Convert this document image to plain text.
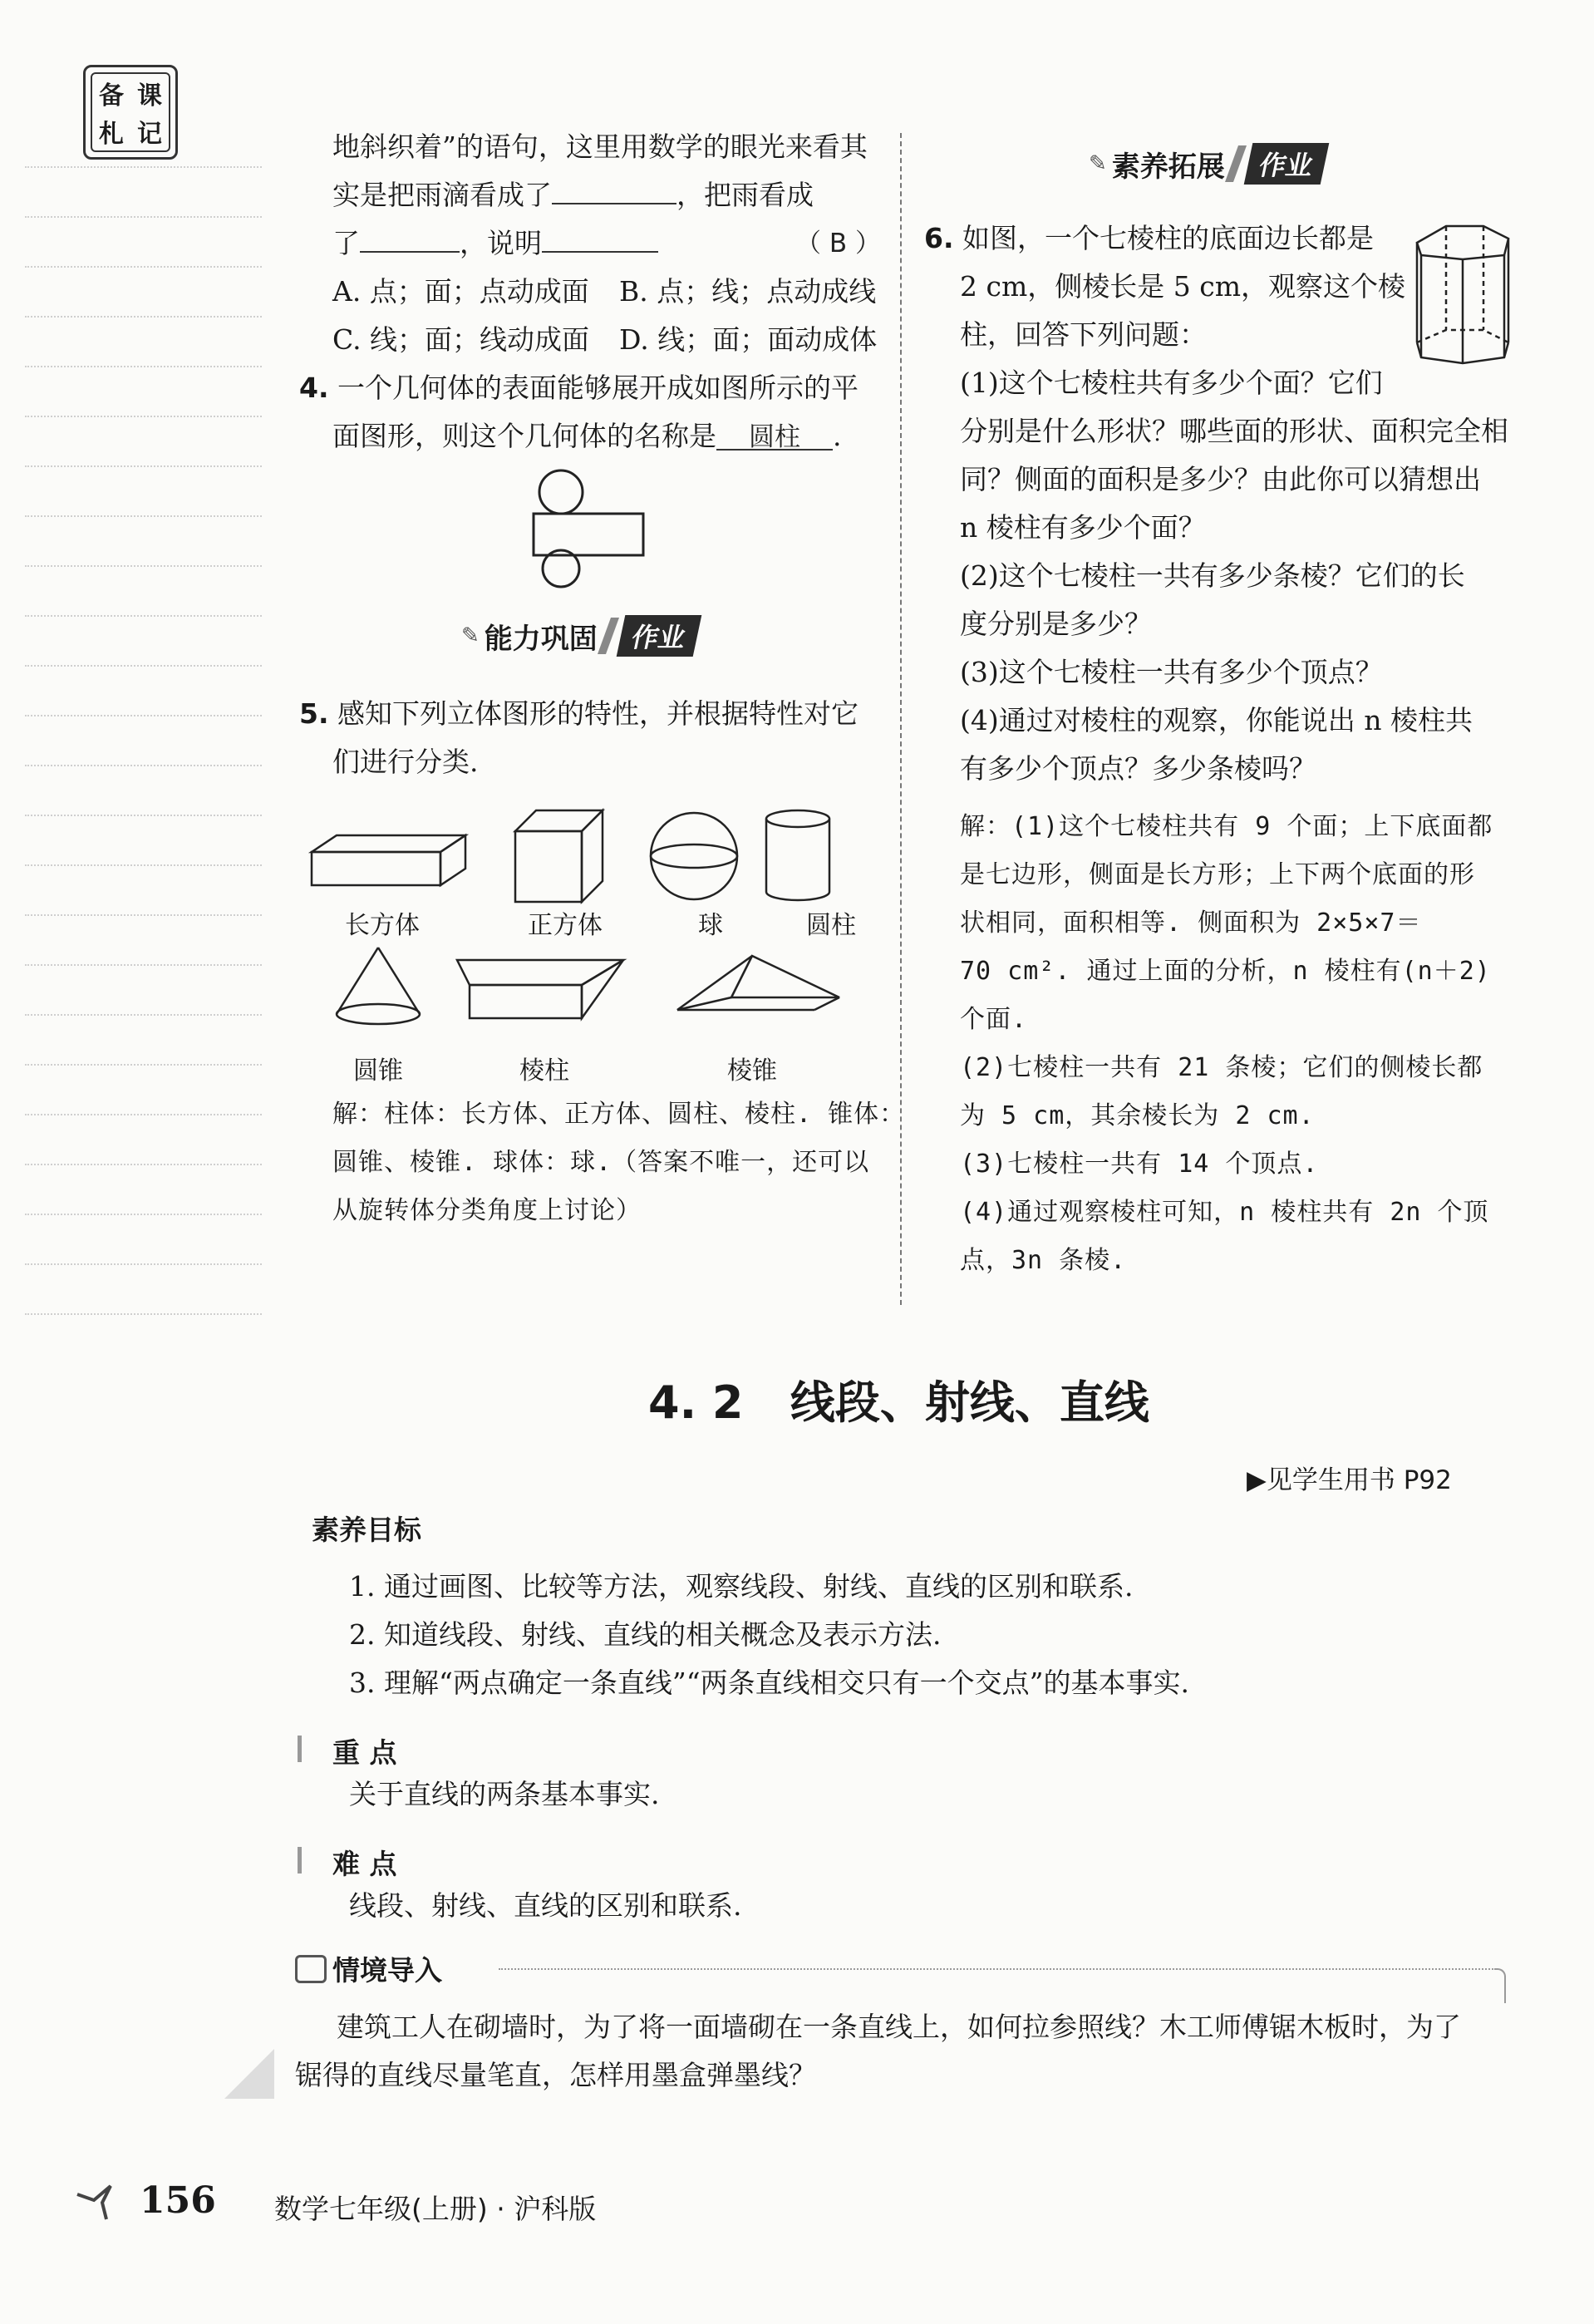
备 课
札 记	地斜织着”的语句，这里用数学的眼光来看其
实是把雨滴看成了	，把雨看成
了	，说明	（ B ）
A. 点；面；点动成面 B. 点；线；点动成线
C. 线；面；线动成面 D. 线；面；面动成体
4. 一个几何体的表面能够展开成如图所示的平
面图形，则这个几何体的名称是 圆柱 .
✎ 能力巩固	作业
5. 感知下列立体图形的特性，并根据特性对它
们进行分类.
长方体	正方体	球	圆柱
圆锥	棱柱	棱锥
解：柱体：长方体、正方体、圆柱、棱柱. 锥体：
圆锥、棱锥. 球体：球.（答案不唯一，还可以
从旋转体分类角度上讨论）
✎ 素养拓展	作业
6. 如图，一个七棱柱的底面边长都是
2 cm，侧棱长是 5 cm，观察这个棱
柱，回答下列问题：
(1)这个七棱柱共有多少个面？它们
分别是什么形状？哪些面的形状、面积完全相
同？侧面的面积是多少？由此你可以猜想出
n 棱柱有多少个面？
(2)这个七棱柱一共有多少条棱？它们的长
度分别是多少？
(3)这个七棱柱一共有多少个顶点？
(4)通过对棱柱的观察，你能说出 n 棱柱共
有多少个顶点？多少条棱吗？
解：(1)这个七棱柱共有 9 个面；上下底面都
是七边形，侧面是长方形；上下两个底面的形
状相同，面积相等. 侧面积为 2×5×7＝
70 cm². 通过上面的分析，n 棱柱有(n＋2)
个面.
(2)七棱柱一共有 21 条棱；它们的侧棱长都
为 5 cm，其余棱长为 2 cm.
(3)七棱柱一共有 14 个顶点.
(4)通过观察棱柱可知，n 棱柱共有 2n 个顶
点，3n 条棱.
4. 2 线段、射线、直线
▶见学生用书 P92
素养目标
1. 通过画图、比较等方法，观察线段、射线、直线的区别和联系.
2. 知道线段、射线、直线的相关概念及表示方法.
3. 理解“两点确定一条直线”“两条直线相交只有一个交点”的基本事实.
重 点
关于直线的两条基本事实.
难 点
线段、射线、直线的区别和联系.
情境导入
建筑工人在砌墙时，为了将一面墙砌在一条直线上，如何拉参照线？木工师傅锯木板时，为了
锯得的直线尽量笔直，怎样用墨盒弹墨线？
156 数学七年级(上册) · 沪科版
